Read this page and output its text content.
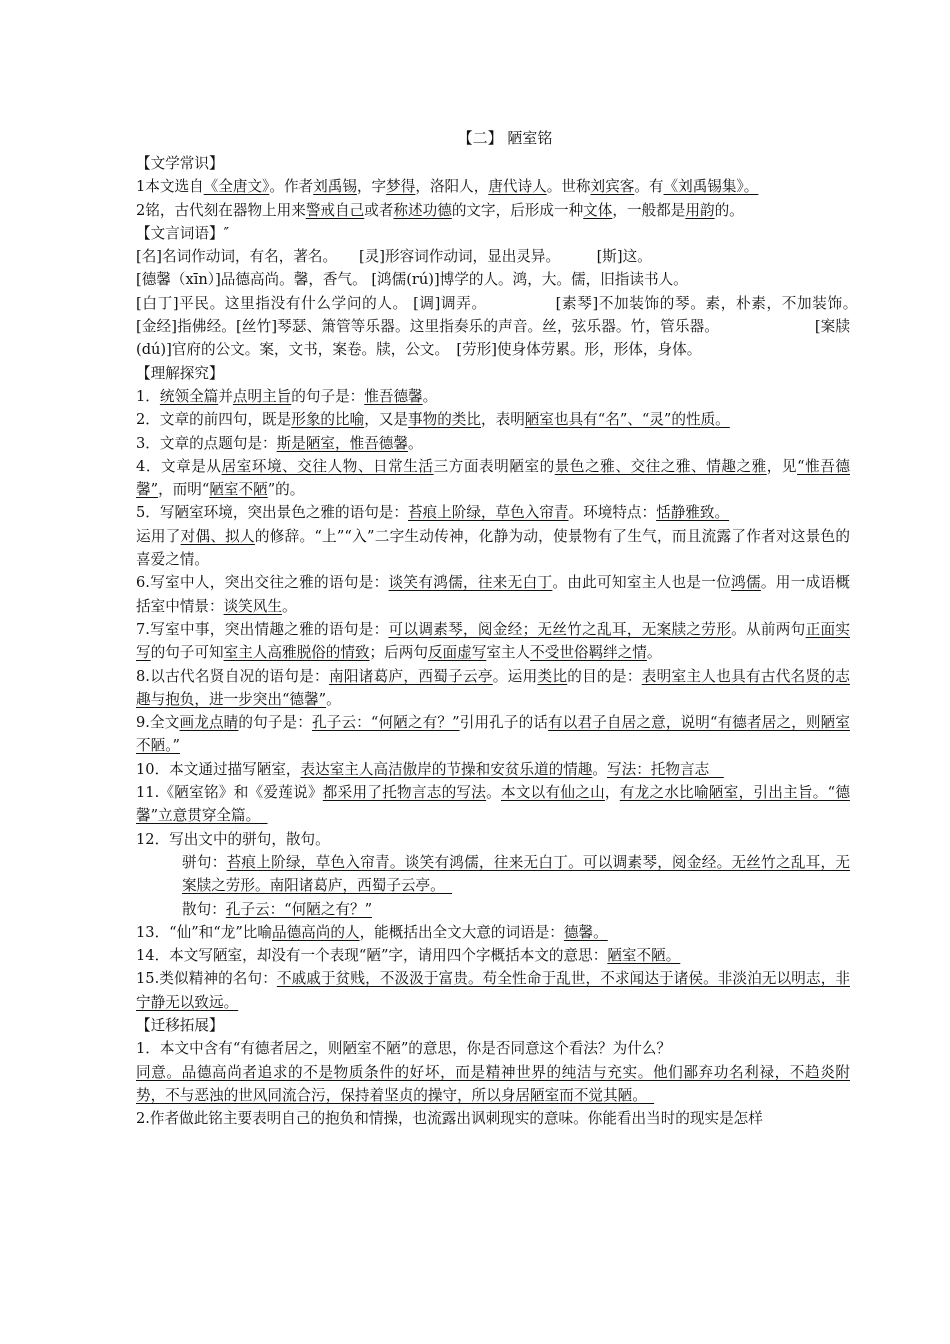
【二】 陋室铭

【文学常识】

1本文选自《全唐文》。作者刘禹锡，字梦得，洛阳人，唐代诗人。世称刘宾客。有《刘禹锡集》。

2铭，古代刻在器物上用来警戒自己或者称述功德的文字，后形成一种文体，一般都是用韵的。

【文言词语】″

[名]名词作动词，有名，著名。　　[灵]形容词作动词，显出灵异。　　　[斯]这。

[德馨（xīn）]品德高尚。馨，香气。 [鸿儒(rú)]博学的人。鸿，大。儒，旧指读书人。

[白丁]平民。这里指没有什么学问的人。 [调]调弄。　　　　　[素琴]不加装饰的琴。素，朴素，不加装饰。　　　　　[金经]指佛经。[丝竹]琴瑟、箫管等乐器。这里指奏乐的声音。丝，弦乐器。竹，管乐器。　　　　　　　[案牍(dú)]官府的公文。案，文书，案卷。牍，公文。　[劳形]使身体劳累。形，形体，身体。

【理解探究】

1．统领全篇并点明主旨的句子是：惟吾德馨。

2．文章的前四句，既是形象的比喻，又是事物的类比，表明陋室也具有“名”、“灵”的性质。

3．文章的点题句是：斯是陋室，惟吾德馨。

4．文章是从居室环境、交往人物、日常生活三方面表明陋室的景色之雅、交往之雅、情趣之雅，见“惟吾德馨”，而明“陋室不陋”的。

5．写陋室环境，突出景色之雅的语句是：苔痕上阶绿，草色入帘青。环境特点：恬静雅致。

运用了对偶、拟人的修辞。“上”“入”二字生动传神，化静为动，使景物有了生气，而且流露了作者对这景色的喜爱之情。

6.写室中人，突出交往之雅的语句是：谈笑有鸿儒，往来无白丁。由此可知室主人也是一位鸿儒。用一成语概括室中情景：谈笑风生。

7.写室中事，突出情趣之雅的语句是：可以调素琴，阅金经；无丝竹之乱耳，无案牍之劳形。从前两句正面实写的句子可知室主人高雅脱俗的情致；后两句反面虚写室主人不受世俗羁绊之情。

8.以古代名贤自况的语句是：南阳诸葛庐，西蜀子云亭。运用类比的目的是：表明室主人也具有古代名贤的志趣与抱负，进一步突出“德馨”。

9.全文画龙点睛的句子是：孔子云：“何陋之有？”引用孔子的话有以君子自居之意，说明“有德者居之，则陋室不陋。”

10．本文通过描写陋室，表达室主人高洁傲岸的节操和安贫乐道的情趣。写法：托物言志　

11.《陋室铭》和《爱莲说》都采用了托物言志的写法。本文以有仙之山，有龙之水比喻陋室，引出主旨。“德馨”立意贯穿全篇。　

12．写出文中的骈句，散句。

骈句：苔痕上阶绿，草色入帘青。谈笑有鸿儒，往来无白丁。可以调素琴，阅金经。无丝竹之乱耳，无案牍之劳形。南阳诸葛庐，西蜀子云亭。　

散句：孔子云：“何陋之有？”

13．“仙”和“龙”比喻品德高尚的人，能概括出全文大意的词语是：德馨。

14．本文写陋室，却没有一个表现“陋”字，请用四个字概括本文的意思：陋室不陋。

15.类似精神的名句：不戚戚于贫贱，不汲汲于富贵。苟全性命于乱世，不求闻达于诸侯。非淡泊无以明志，非宁静无以致远。

【迁移拓展】

1．本文中含有“有德者居之，则陋室不陋”的意思，你是否同意这个看法？为什么？

同意。品德高尚者追求的不是物质条件的好坏，而是精神世界的纯洁与充实。他们鄙弃功名利禄，不趋炎附势，不与恶浊的世风同流合污，保持着坚贞的操守，所以身居陋室而不觉其陋。　

2.作者做此铭主要表明自己的抱负和情操，也流露出讽刺现实的意味。你能看出当时的现实是怎样
